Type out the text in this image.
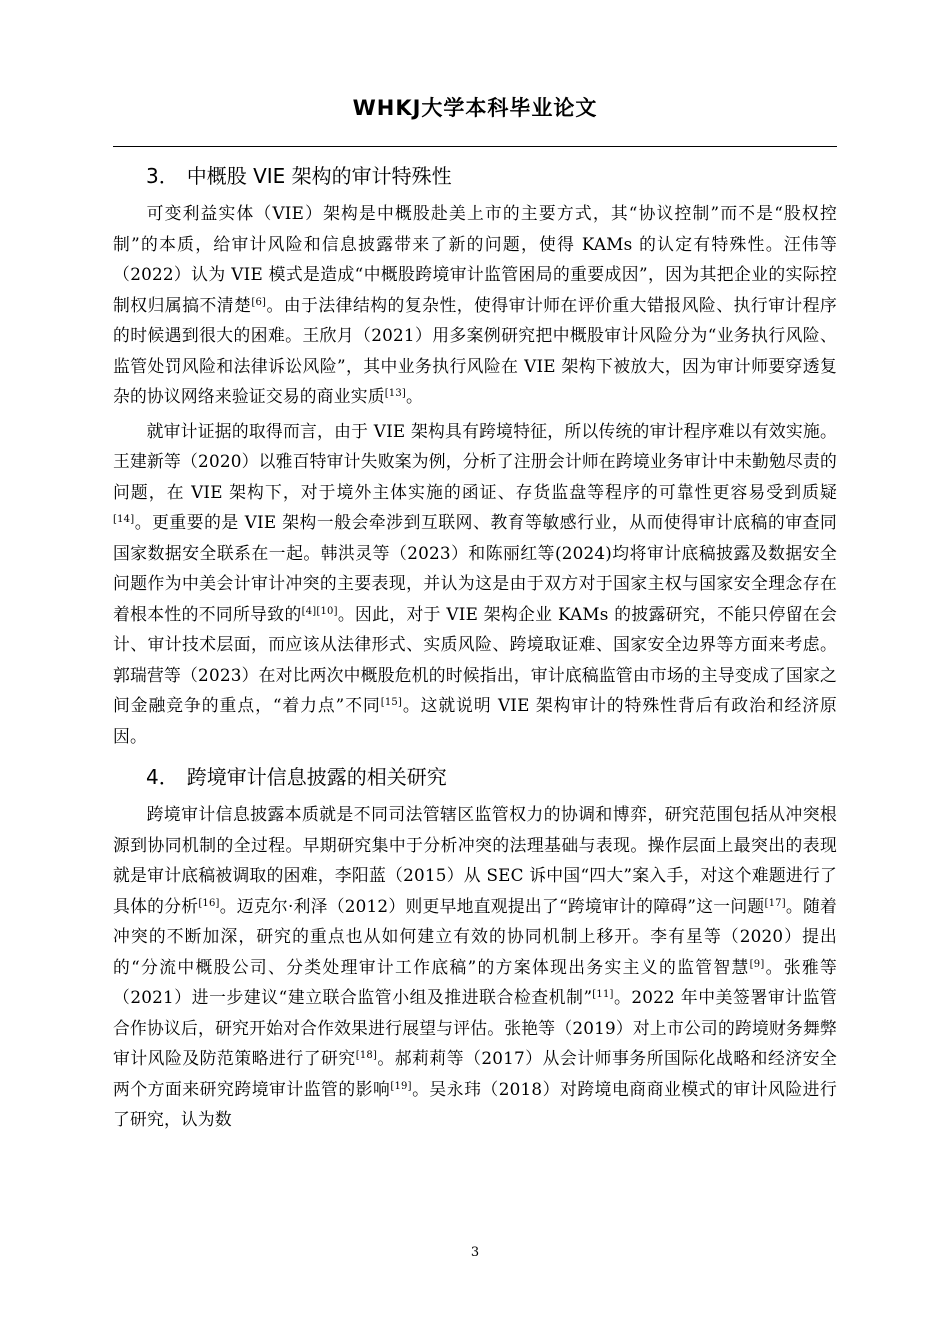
WHKJ大学本科毕业论文
3． 中概股 VIE 架构的审计特殊性

可变利益实体（VIE）架构是中概股赴美上市的主要方式，其“协议控制”而不是“股权控制”的本质，给审计风险和信息披露带来了新的问题，使得 KAMs 的认定有特殊性。汪伟等（2022）认为 VIE 模式是造成“中概股跨境审计监管困局的重要成因”，因为其把企业的实际控制权归属搞不清楚[6]。由于法律结构的复杂性，使得审计师在评价重大错报风险、执行审计程序的时候遇到很大的困难。王欣月（2021）用多案例研究把中概股审计风险分为“业务执行风险、监管处罚风险和法律诉讼风险”，其中业务执行风险在 VIE 架构下被放大，因为审计师要穿透复杂的协议网络来验证交易的商业实质[13]。

就审计证据的取得而言，由于 VIE 架构具有跨境特征，所以传统的审计程序难以有效实施。王建新等（2020）以雅百特审计失败案为例，分析了注册会计师在跨境业务审计中未勤勉尽责的问题，在 VIE 架构下，对于境外主体实施的函证、存货监盘等程序的可靠性更容易受到质疑[14]。更重要的是 VIE 架构一般会牵涉到互联网、教育等敏感行业，从而使得审计底稿的审查同国家数据安全联系在一起。韩洪灵等（2023）和陈丽红等(2024)均将审计底稿披露及数据安全问题作为中美会计审计冲突的主要表现，并认为这是由于双方对于国家主权与国家安全理念存在着根本性的不同所导致的[4][10]。因此，对于 VIE 架构企业 KAMs 的披露研究，不能只停留在会计、审计技术层面，而应该从法律形式、实质风险、跨境取证难、国家安全边界等方面来考虑。郭瑞营等（2023）在对比两次中概股危机的时候指出，审计底稿监管由市场的主导变成了国家之间金融竞争的重点，“着力点”不同[15]。这就说明 VIE 架构审计的特殊性背后有政治和经济原因。

4． 跨境审计信息披露的相关研究

跨境审计信息披露本质就是不同司法管辖区监管权力的协调和博弈，研究范围包括从冲突根源到协同机制的全过程。早期研究集中于分析冲突的法理基础与表现。操作层面上最突出的表现就是审计底稿被调取的困难，李阳蓝（2015）从 SEC 诉中国“四大”案入手，对这个难题进行了具体的分析[16]。迈克尔·利泽（2012）则更早地直观提出了“跨境审计的障碍”这一问题[17]。随着冲突的不断加深，研究的重点也从如何建立有效的协同机制上移开。李有星等（2020）提出的“分流中概股公司、分类处理审计工作底稿”的方案体现出务实主义的监管智慧[9]。张雅等（2021）进一步建议“建立联合监管小组及推进联合检查机制”[11]。2022 年中美签署审计监管合作协议后，研究开始对合作效果进行展望与评估。张艳等（2019）对上市公司的跨境财务舞弊审计风险及防范策略进行了研究[18]。郝莉莉等（2017）从会计师事务所国际化战略和经济安全两个方面来研究跨境审计监管的影响[19]。吴永玮（2018）对跨境电商商业模式的审计风险进行了研究，认为数

3
